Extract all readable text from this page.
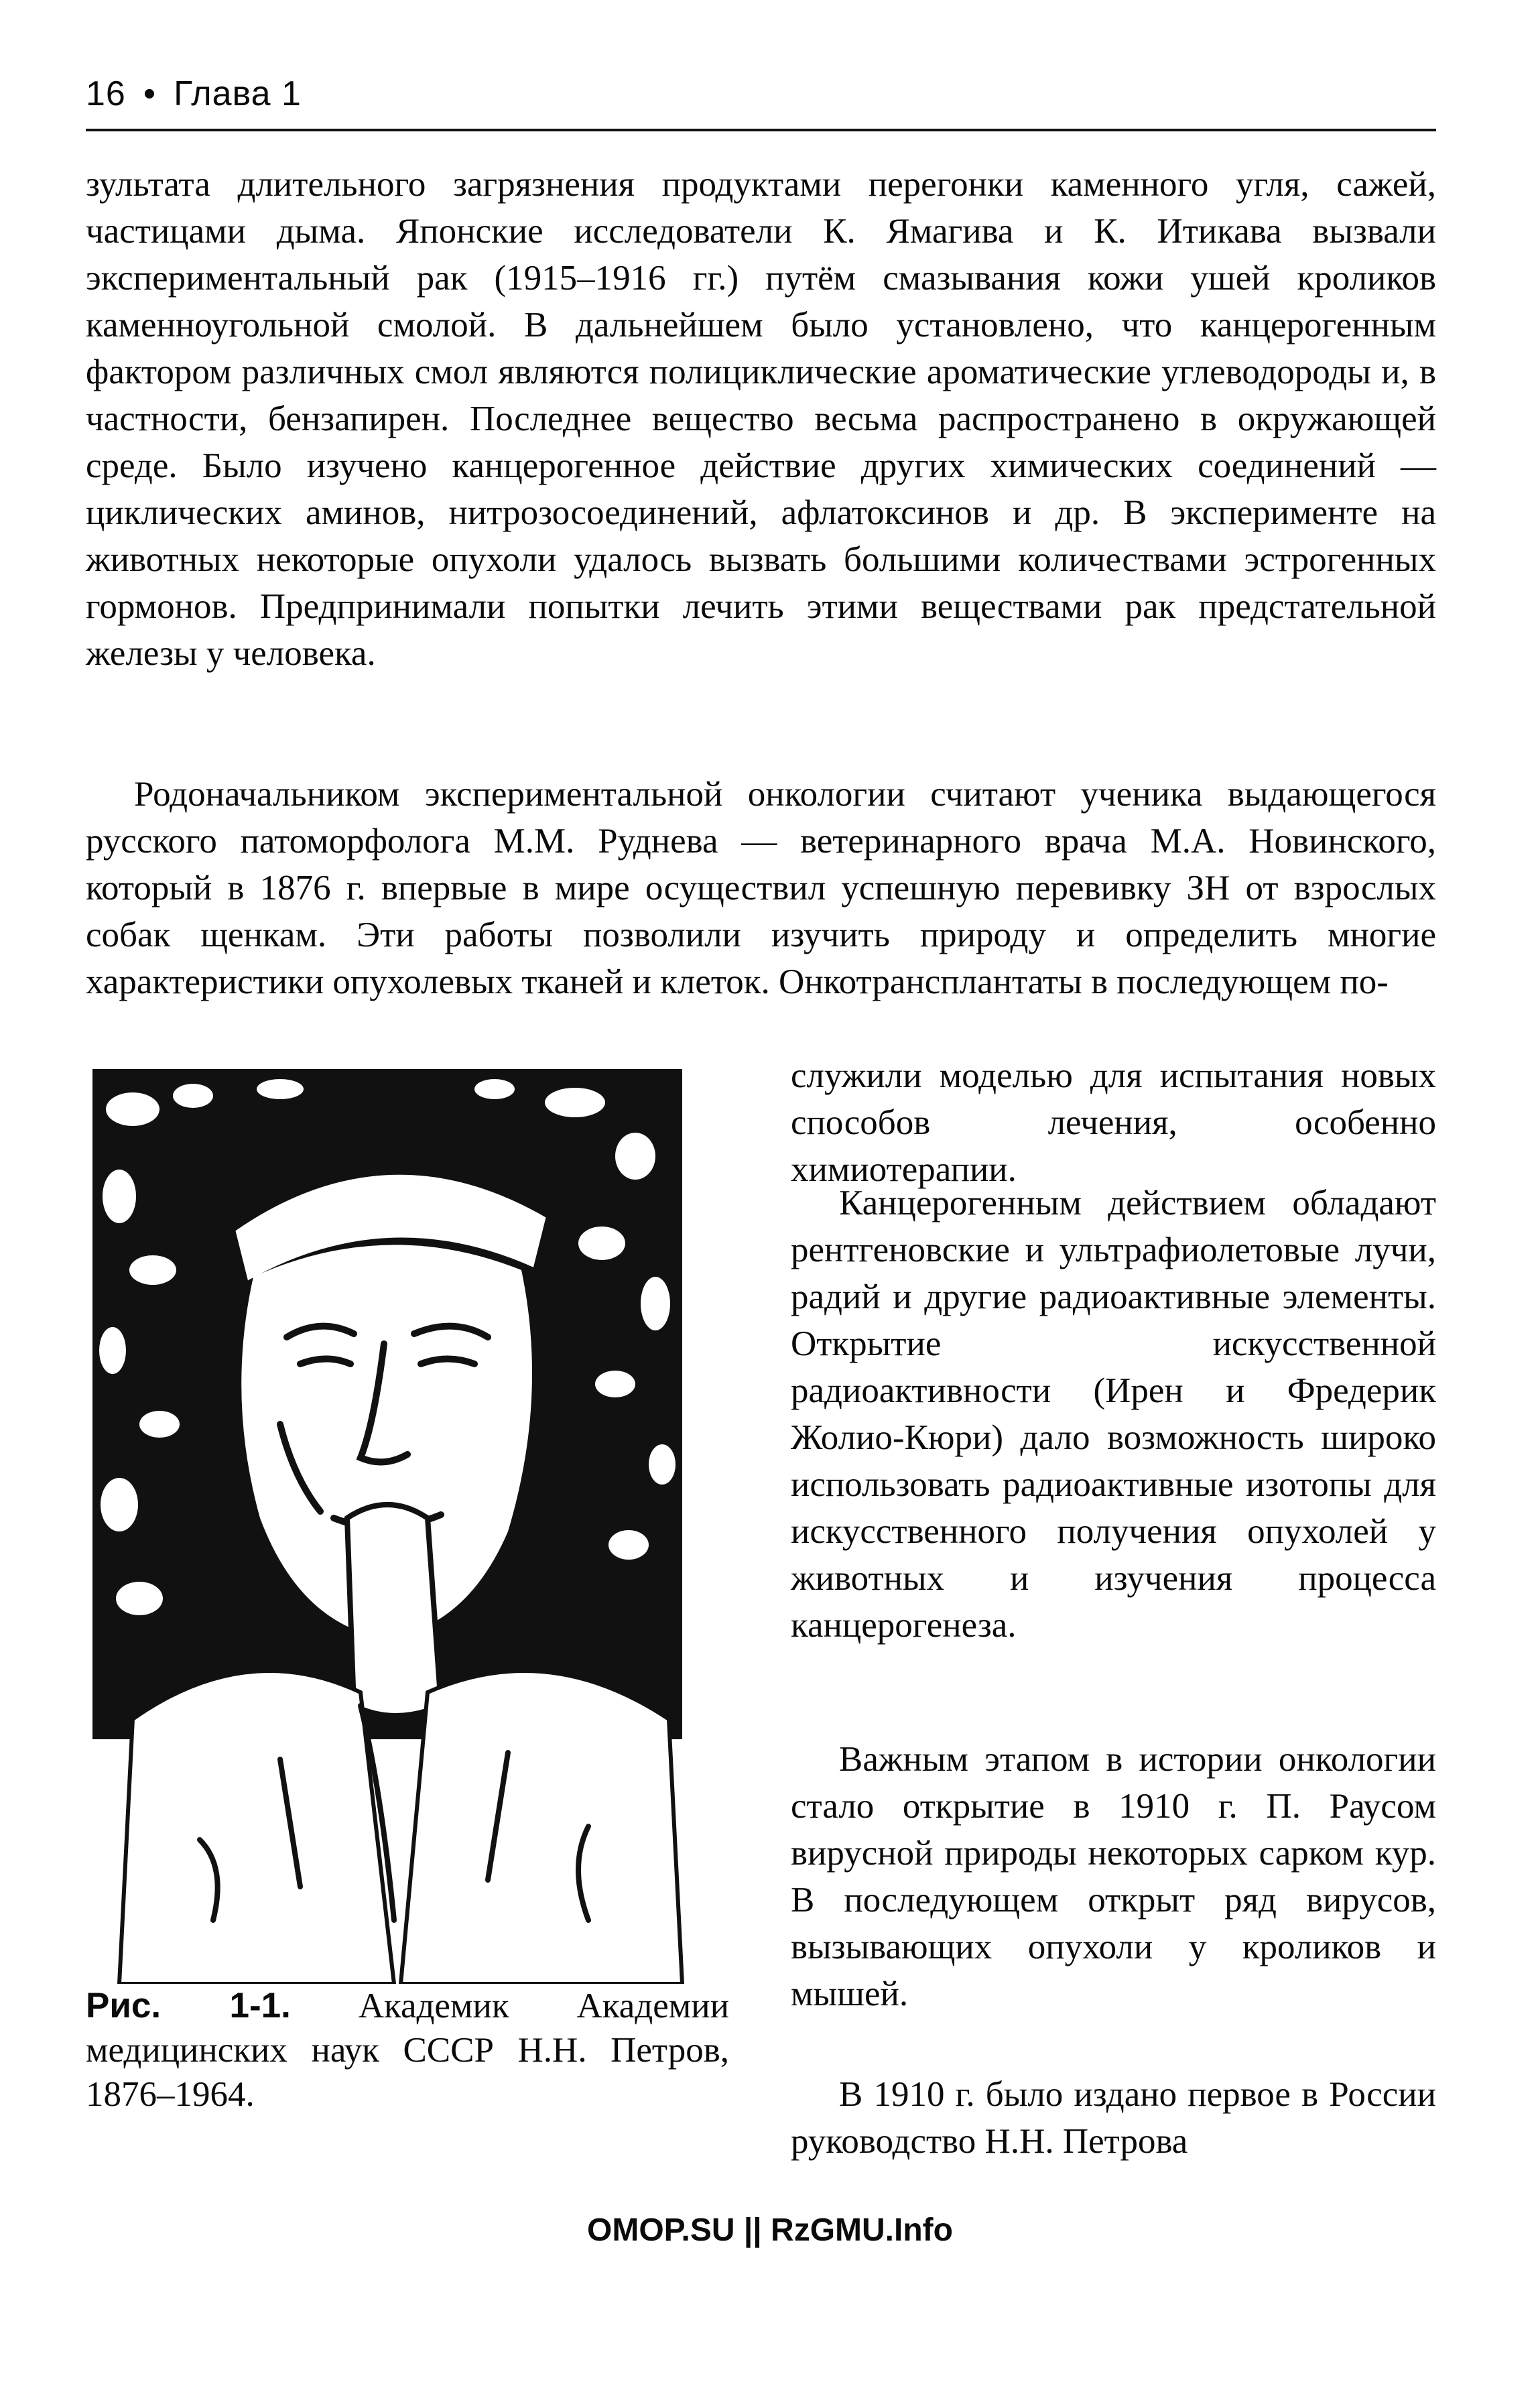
16 • Глава 1

зультата длительного загрязнения продуктами перегонки каменного угля, сажей, частицами дыма. Японские исследователи К. Ямагива и К. Итикава вызвали экспериментальный рак (1915–1916 гг.) путём смазывания кожи ушей кроликов каменноугольной смолой. В дальнейшем было установлено, что канцерогенным фактором различных смол являются полициклические ароматические углеводороды и, в частности, бензапирен. Последнее вещество весьма распространено в окружающей среде. Было изучено канцерогенное действие других химических соединений — циклических аминов, нитрозосоединений, афлатоксинов и др. В эксперименте на животных некоторые опухоли удалось вызвать большими количествами эстрогенных гормонов. Предпринимали попытки лечить этими веществами рак предстательной железы у человека.

Родоначальником экспериментальной онкологии считают ученика выдающегося русского патоморфолога М.М. Руднева — ветеринарного врача М.А. Новинского, который в 1876 г. впервые в мире осуществил успешную перевивку ЗН от взрослых собак щенкам. Эти работы позволили изучить природу и определить многие характеристики опухолевых тканей и клеток. Онкотрансплантаты в последующем по-

служили моделью для испытания новых способов лечения, особенно химиотерапии.

Канцерогенным действием обладают рентгеновские и ультрафиолетовые лучи, радий и другие радиоактивные элементы. Открытие искусственной радиоактивности (Ирен и Фредерик Жолио-Кюри) дало возможность широко использовать радиоактивные изотопы для искусственного получения опухолей у животных и изучения процесса канцерогенеза.

Важным этапом в истории онкологии стало открытие в 1910 г. П. Раусом вирусной природы некоторых сарком кур. В последующем открыт ряд вирусов, вызывающих опухоли у кроликов и мышей.

В 1910 г. было издано первое в России руководство Н.Н. Петрова

Рис. 1-1. Академик Академии медицинских наук СССР Н.Н. Петров, 1876–1964.

OMOP.SU || RzGMU.Info
